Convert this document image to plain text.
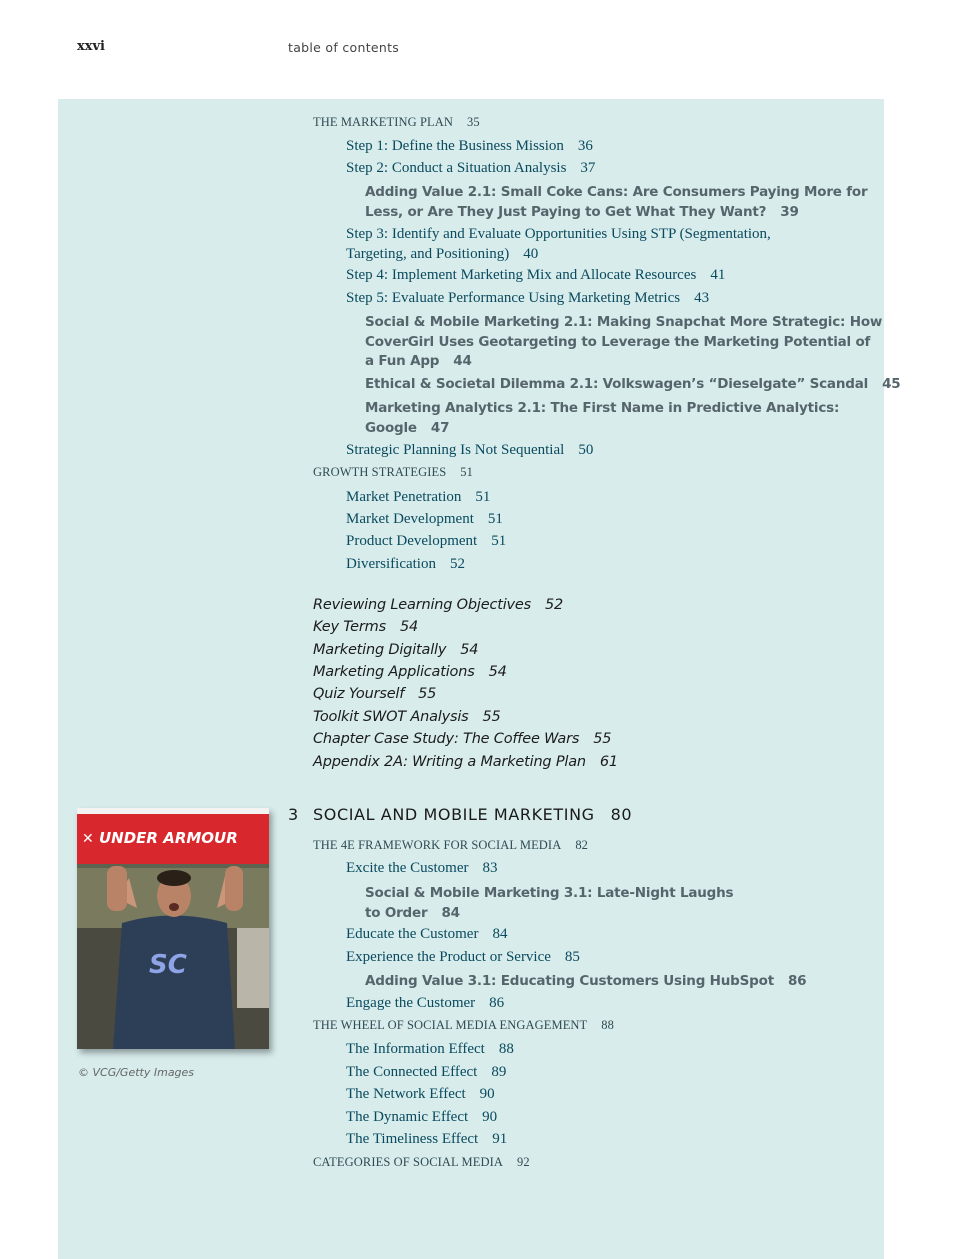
xxvi	table of contents
THE MARKETING PLAN 35
Step 1: Define the Business Mission 36
Step 2: Conduct a Situation Analysis 37
Adding Value 2.1: Small Coke Cans: Are Consumers Paying More for
Less, or Are They Just Paying to Get What They Want? 39
Step 3: Identify and Evaluate Opportunities Using STP (Segmentation,
Targeting, and Positioning) 40
Step 4: Implement Marketing Mix and Allocate Resources 41
Step 5: Evaluate Performance Using Marketing Metrics 43
Social & Mobile Marketing 2.1: Making Snapchat More Strategic: How
CoverGirl Uses Geotargeting to Leverage the Marketing Potential of
a Fun App 44
Ethical & Societal Dilemma 2.1: Volkswagen’s “Dieselgate” Scandal 45
Marketing Analytics 2.1: The First Name in Predictive Analytics:
Google 47
Strategic Planning Is Not Sequential 50
GROWTH STRATEGIES 51
Market Penetration 51
Market Development 51
Product Development 51
Diversification 52
Reviewing Learning Objectives 52
Key Terms 54
Marketing Digitally 54
Marketing Applications 54
Quiz Yourself 55
Toolkit SWOT Analysis 55
Chapter Case Study: The Coffee Wars 55
Appendix 2A: Writing a Marketing Plan 61
THE 4E FRAMEWORK FOR SOCIAL MEDIA 82
Excite the Customer 83
Social & Mobile Marketing 3.1: Late-Night Laughs
to Order 84
Educate the Customer 84
Experience the Product or Service 85
Adding Value 3.1: Educating Customers Using HubSpot 86
Engage the Customer 86
THE WHEEL OF SOCIAL MEDIA ENGAGEMENT 88
The Information Effect 88
The Connected Effect 89
The Network Effect 90
The Dynamic Effect 90
The Timeliness Effect 91
CATEGORIES OF SOCIAL MEDIA 92
3 SOCIAL AND MOBILE MARKETING 80
UNDER ARMOUR
✕
SC
© VCG/Getty Images
